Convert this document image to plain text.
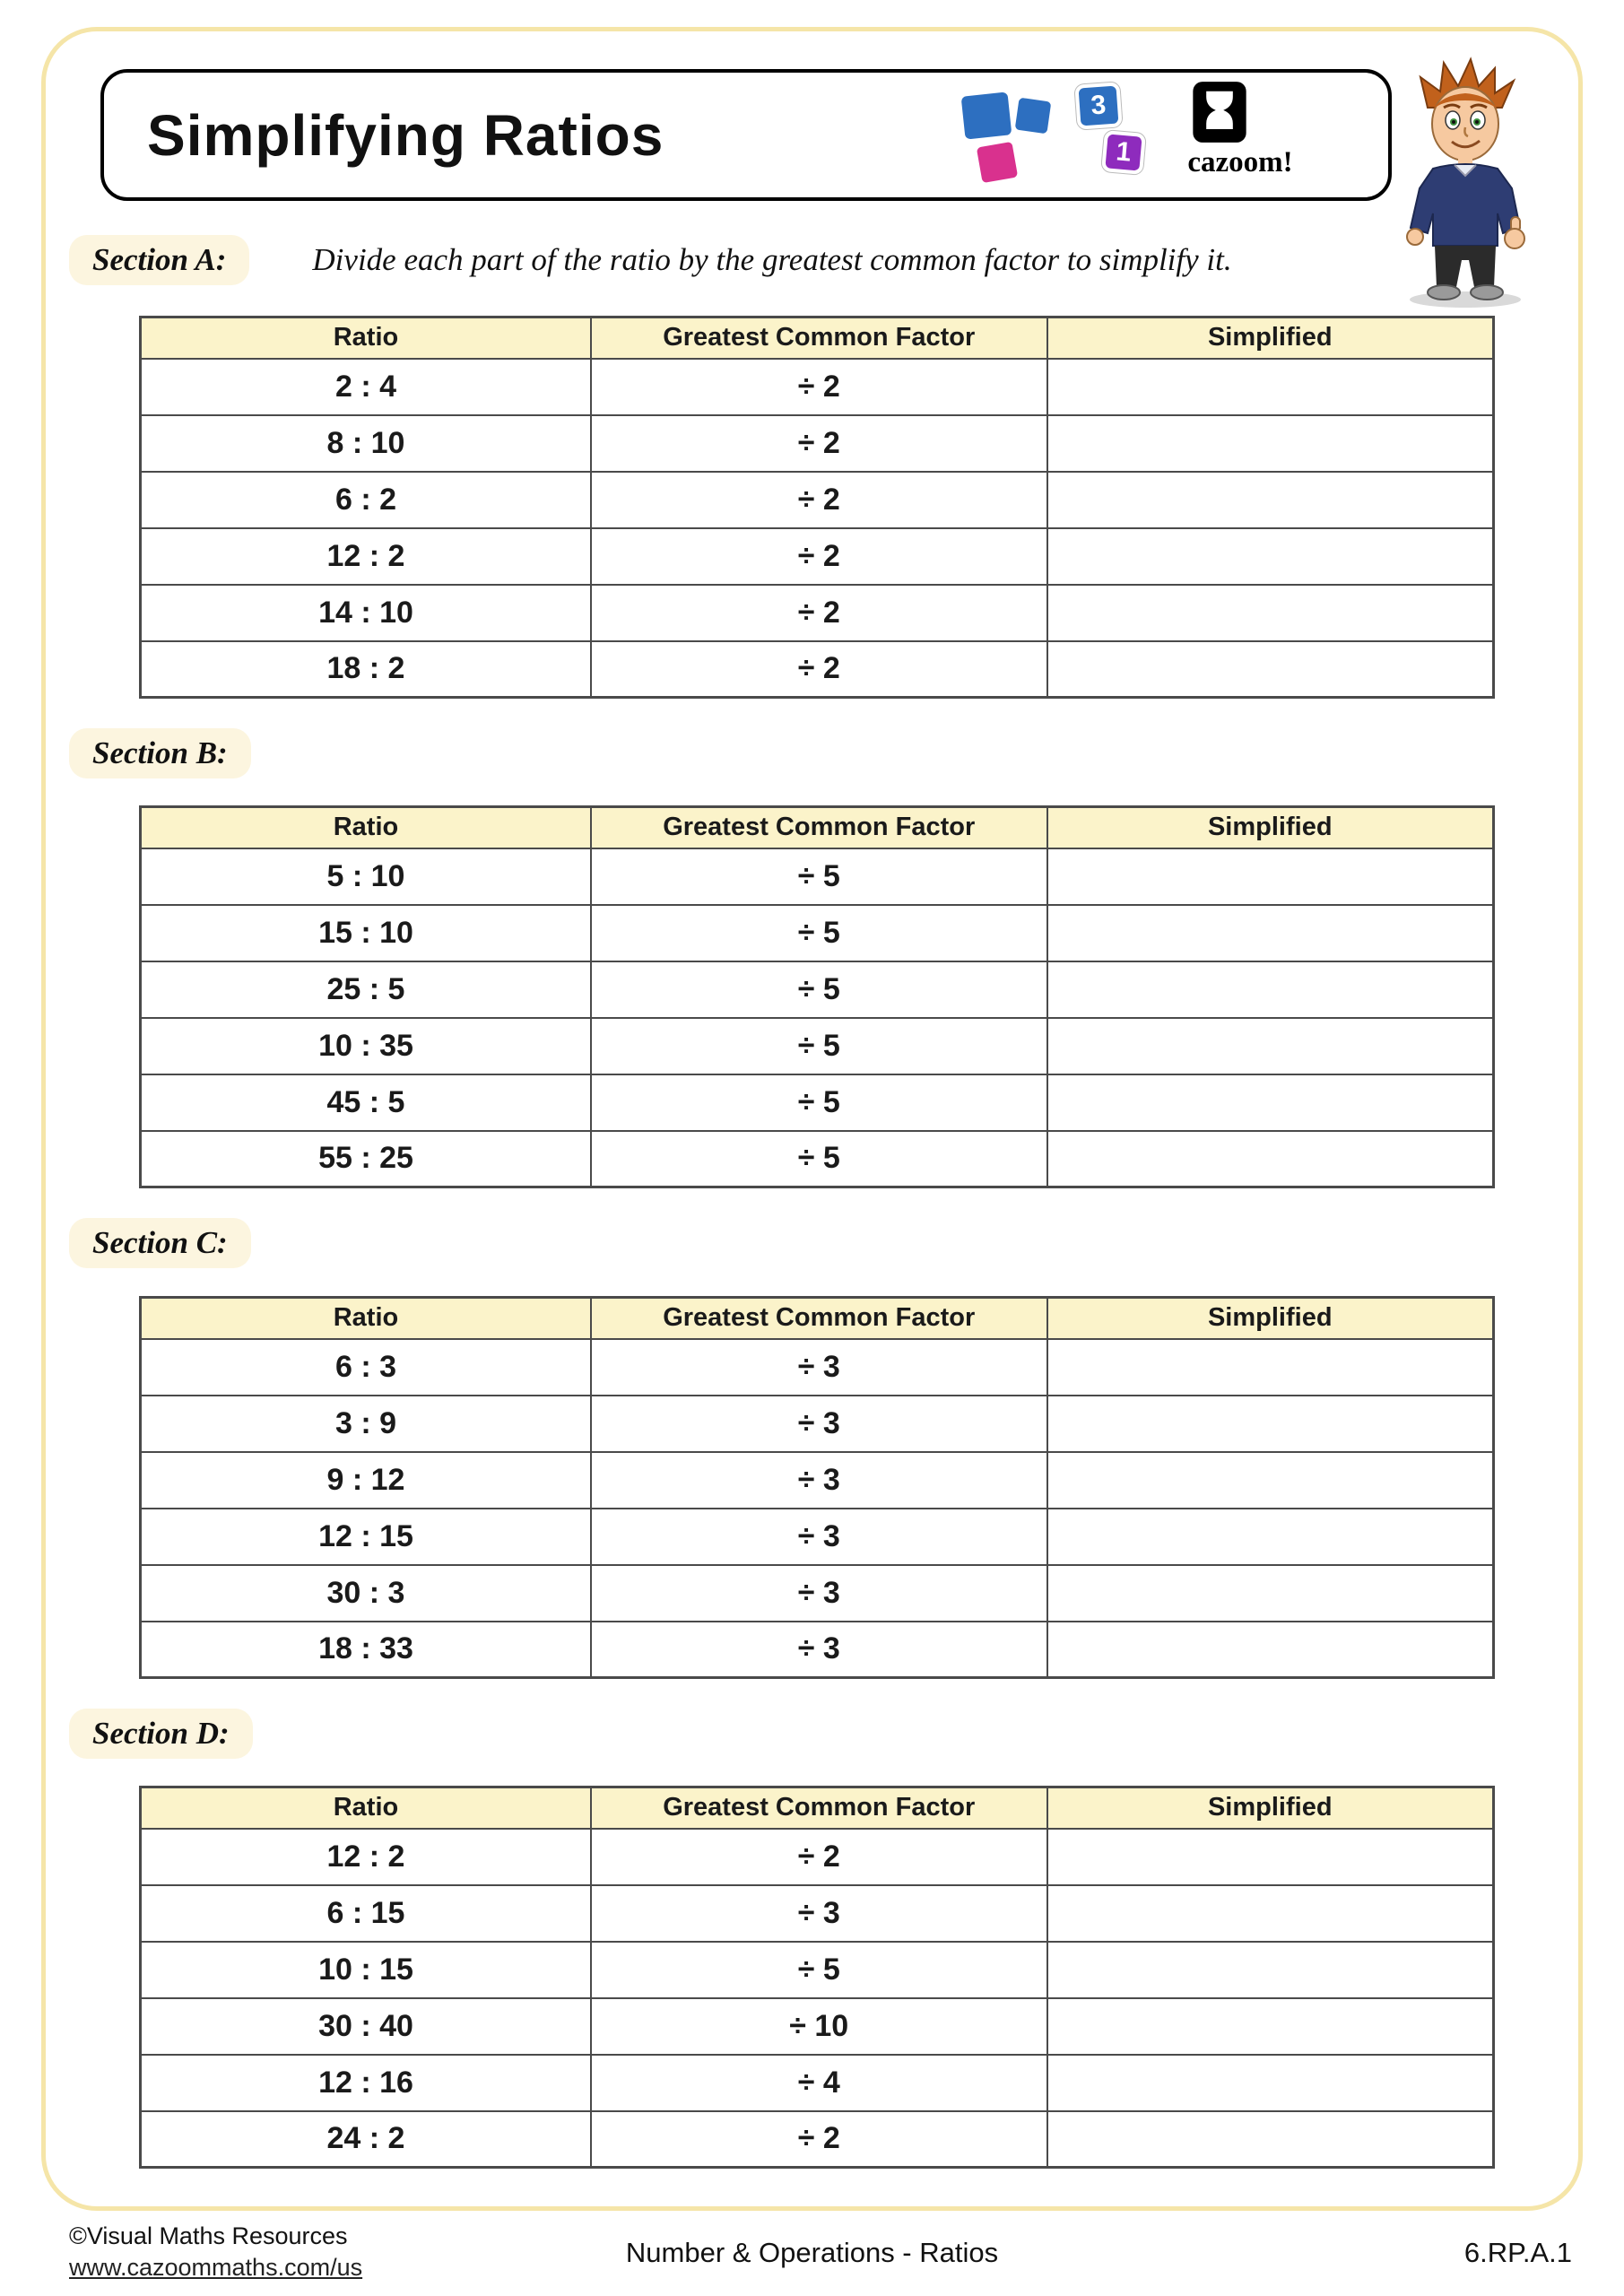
Simplifying Ratios	3
1	cazoom!
Section A:	Divide each part of the ratio by the greatest common factor to simplify it.
Ratio	Greatest Common Factor	Simplified
2 : 4	÷ 2	
8 : 10	÷ 2	
6 : 2	÷ 2	
12 : 2	÷ 2	
14 : 10	÷ 2	
18 : 2	÷ 2	
Section B:
Ratio	Greatest Common Factor	Simplified
5 : 10	÷ 5	
15 : 10	÷ 5	
25 : 5	÷ 5	
10 : 35	÷ 5	
45 : 5	÷ 5	
55 : 25	÷ 5	
Section C:
Ratio	Greatest Common Factor	Simplified
6 : 3	÷ 3	
3 : 9	÷ 3	
9 : 12	÷ 3	
12 : 15	÷ 3	
30 : 3	÷ 3	
18 : 33	÷ 3	
Section D:
Ratio	Greatest Common Factor	Simplified
12 : 2	÷ 2	
6 : 15	÷ 3	
10 : 15	÷ 5	
30 : 40	÷ 10	
12 : 16	÷ 4	
24 : 2	÷ 2	
©Visual Maths Resources
www.cazoommaths.com/us	Number & Operations - Ratios	6.RP.A.1
